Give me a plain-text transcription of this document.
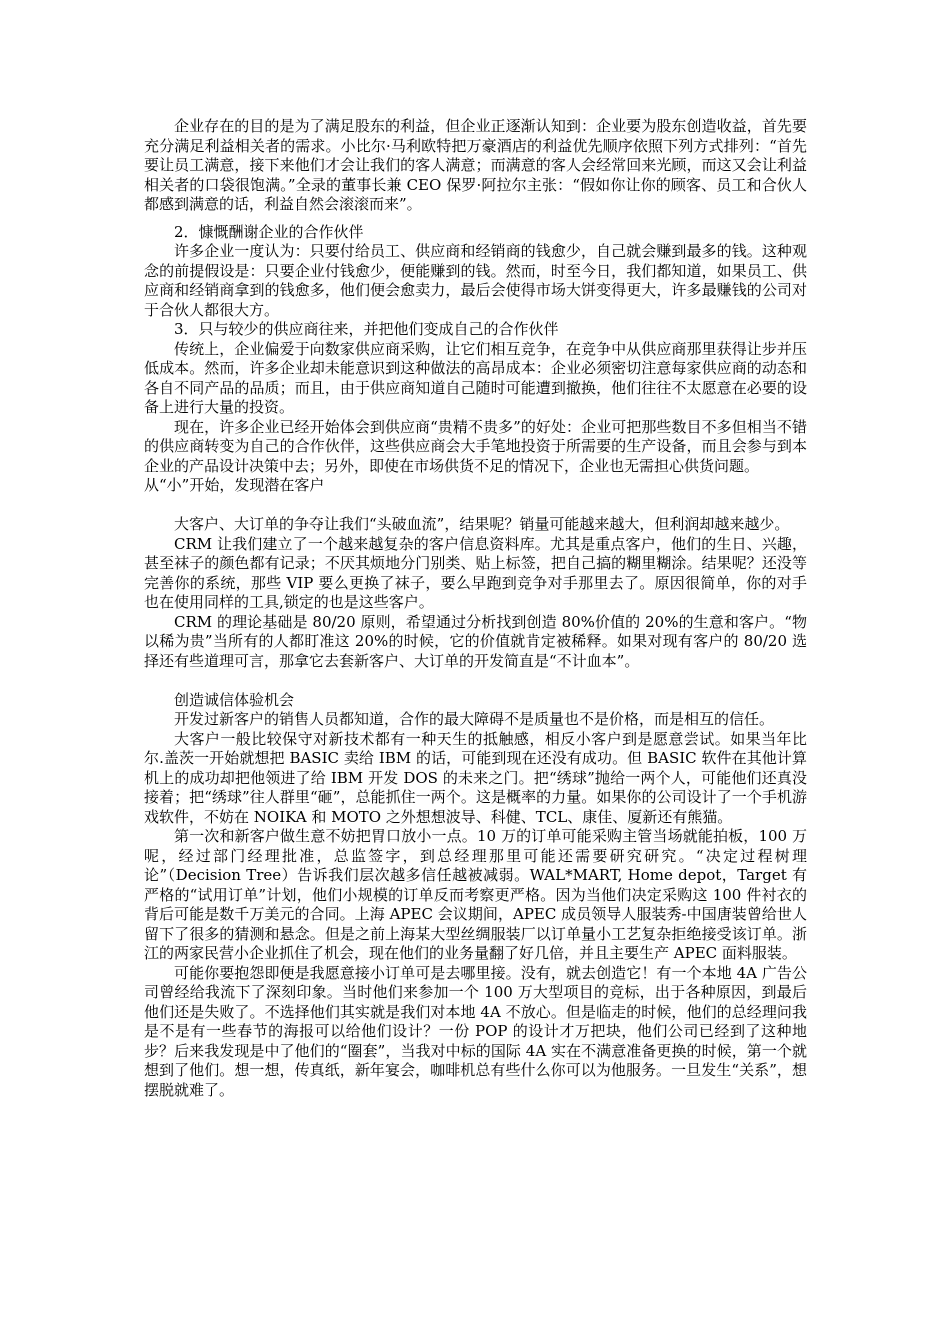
企业存在的目的是为了满足股东的利益，但企业正逐渐认知到：企业要为股东创造收益，首先要充分满足利益相关者的需求。小比尔·马利欧特把万豪酒店的利益优先顺序依照下列方式排列：“首先要让员工满意，接下来他们才会让我们的客人满意；而满意的客人会经常回来光顾，而这又会让利益相关者的口袋很饱满。”全录的董事长兼 CEO 保罗·阿拉尔主张：“假如你让你的顾客、员工和合伙人都感到满意的话，利益自然会滚滚而来”。

2．慷慨酬谢企业的合作伙伴

许多企业一度认为：只要付给员工、供应商和经销商的钱愈少，自己就会赚到最多的钱。这种观念的前提假设是：只要企业付钱愈少，便能赚到的钱。然而，时至今日，我们都知道，如果员工、供应商和经销商拿到的钱愈多，他们便会愈卖力，最后会使得市场大饼变得更大，许多最赚钱的公司对于合伙人都很大方。

3．只与较少的供应商往来，并把他们变成自己的合作伙伴

传统上，企业偏爱于向数家供应商采购，让它们相互竞争，在竞争中从供应商那里获得让步并压低成本。然而，许多企业却未能意识到这种做法的高昂成本：企业必须密切注意每家供应商的动态和各自不同产品的品质；而且，由于供应商知道自己随时可能遭到撤换，他们往往不太愿意在必要的设备上进行大量的投资。

现在，许多企业已经开始体会到供应商“贵精不贵多”的好处：企业可把那些数目不多但相当不错的供应商转变为自己的合作伙伴，这些供应商会大手笔地投资于所需要的生产设备，而且会参与到本企业的产品设计决策中去；另外，即使在市场供货不足的情况下，企业也无需担心供货问题。

从“小”开始，发现潜在客户

大客户、大订单的争夺让我们“头破血流”，结果呢？销量可能越来越大，但利润却越来越少。

CRM 让我们建立了一个越来越复杂的客户信息资料库。尤其是重点客户，他们的生日、兴趣，甚至袜子的颜色都有记录；不厌其烦地分门别类、贴上标签，把自己搞的糊里糊涂。结果呢？还没等完善你的系统，那些 VIP 要么更换了袜子，要么早跑到竞争对手那里去了。原因很简单，你的对手也在使用同样的工具,锁定的也是这些客户。

CRM 的理论基础是 80/20 原则，希望通过分析找到创造 80%价值的 20%的生意和客户。“物以稀为贵”当所有的人都盯准这 20%的时候，它的价值就肯定被稀释。如果对现有客户的 80/20 选择还有些道理可言，那拿它去套新客户、大订单的开发简直是“不计血本”。

创造诚信体验机会

开发过新客户的销售人员都知道，合作的最大障碍不是质量也不是价格，而是相互的信任。

大客户一般比较保守对新技术都有一种天生的抵触感，相反小客户到是愿意尝试。如果当年比尔.盖茨一开始就想把 BASIC 卖给 IBM 的话，可能到现在还没有成功。但 BASIC 软件在其他计算机上的成功却把他领进了给 IBM 开发 DOS 的未来之门。把“绣球”抛给一两个人，可能他们还真没接着；把“绣球”往人群里“砸”，总能抓住一两个。这是概率的力量。如果你的公司设计了一个手机游戏软件，不妨在 NOIKA 和 MOTO 之外想想波导、科健、TCL、康佳、厦新还有熊猫。

第一次和新客户做生意不妨把胃口放小一点。10 万的订单可能采购主管当场就能拍板，100 万呢，经过部门经理批准，总监签字，到总经理那里可能还需要研究研究。“决定过程树理论”（Decision Tree）告诉我们层次越多信任越被减弱。WAL*MART, Home depot，Target 有严格的“试用订单”计划，他们小规模的订单反而考察更严格。因为当他们决定采购这 100 件衬衣的背后可能是数千万美元的合同。上海 APEC 会议期间，APEC 成员领导人服装秀-中国唐装曾给世人留下了很多的猜测和悬念。但是之前上海某大型丝绸服装厂以订单量小工艺复杂拒绝接受该订单。浙江的两家民营小企业抓住了机会，现在他们的业务量翻了好几倍，并且主要生产 APEC 面料服装。

可能你要抱怨即便是我愿意接小订单可是去哪里接。没有，就去创造它！有一个本地 4A 广告公司曾经给我流下了深刻印象。当时他们来参加一个 100 万大型项目的竞标，出于各种原因，到最后他们还是失败了。不选择他们其实就是我们对本地 4A 不放心。但是临走的时候，他们的总经理问我是不是有一些春节的海报可以给他们设计？一份 POP 的设计才万把块，他们公司已经到了这种地步？后来我发现是中了他们的“圈套”，当我对中标的国际 4A 实在不满意准备更换的时候，第一个就想到了他们。想一想，传真纸，新年宴会，咖啡机总有些什么你可以为他服务。一旦发生“关系”，想摆脱就难了。
